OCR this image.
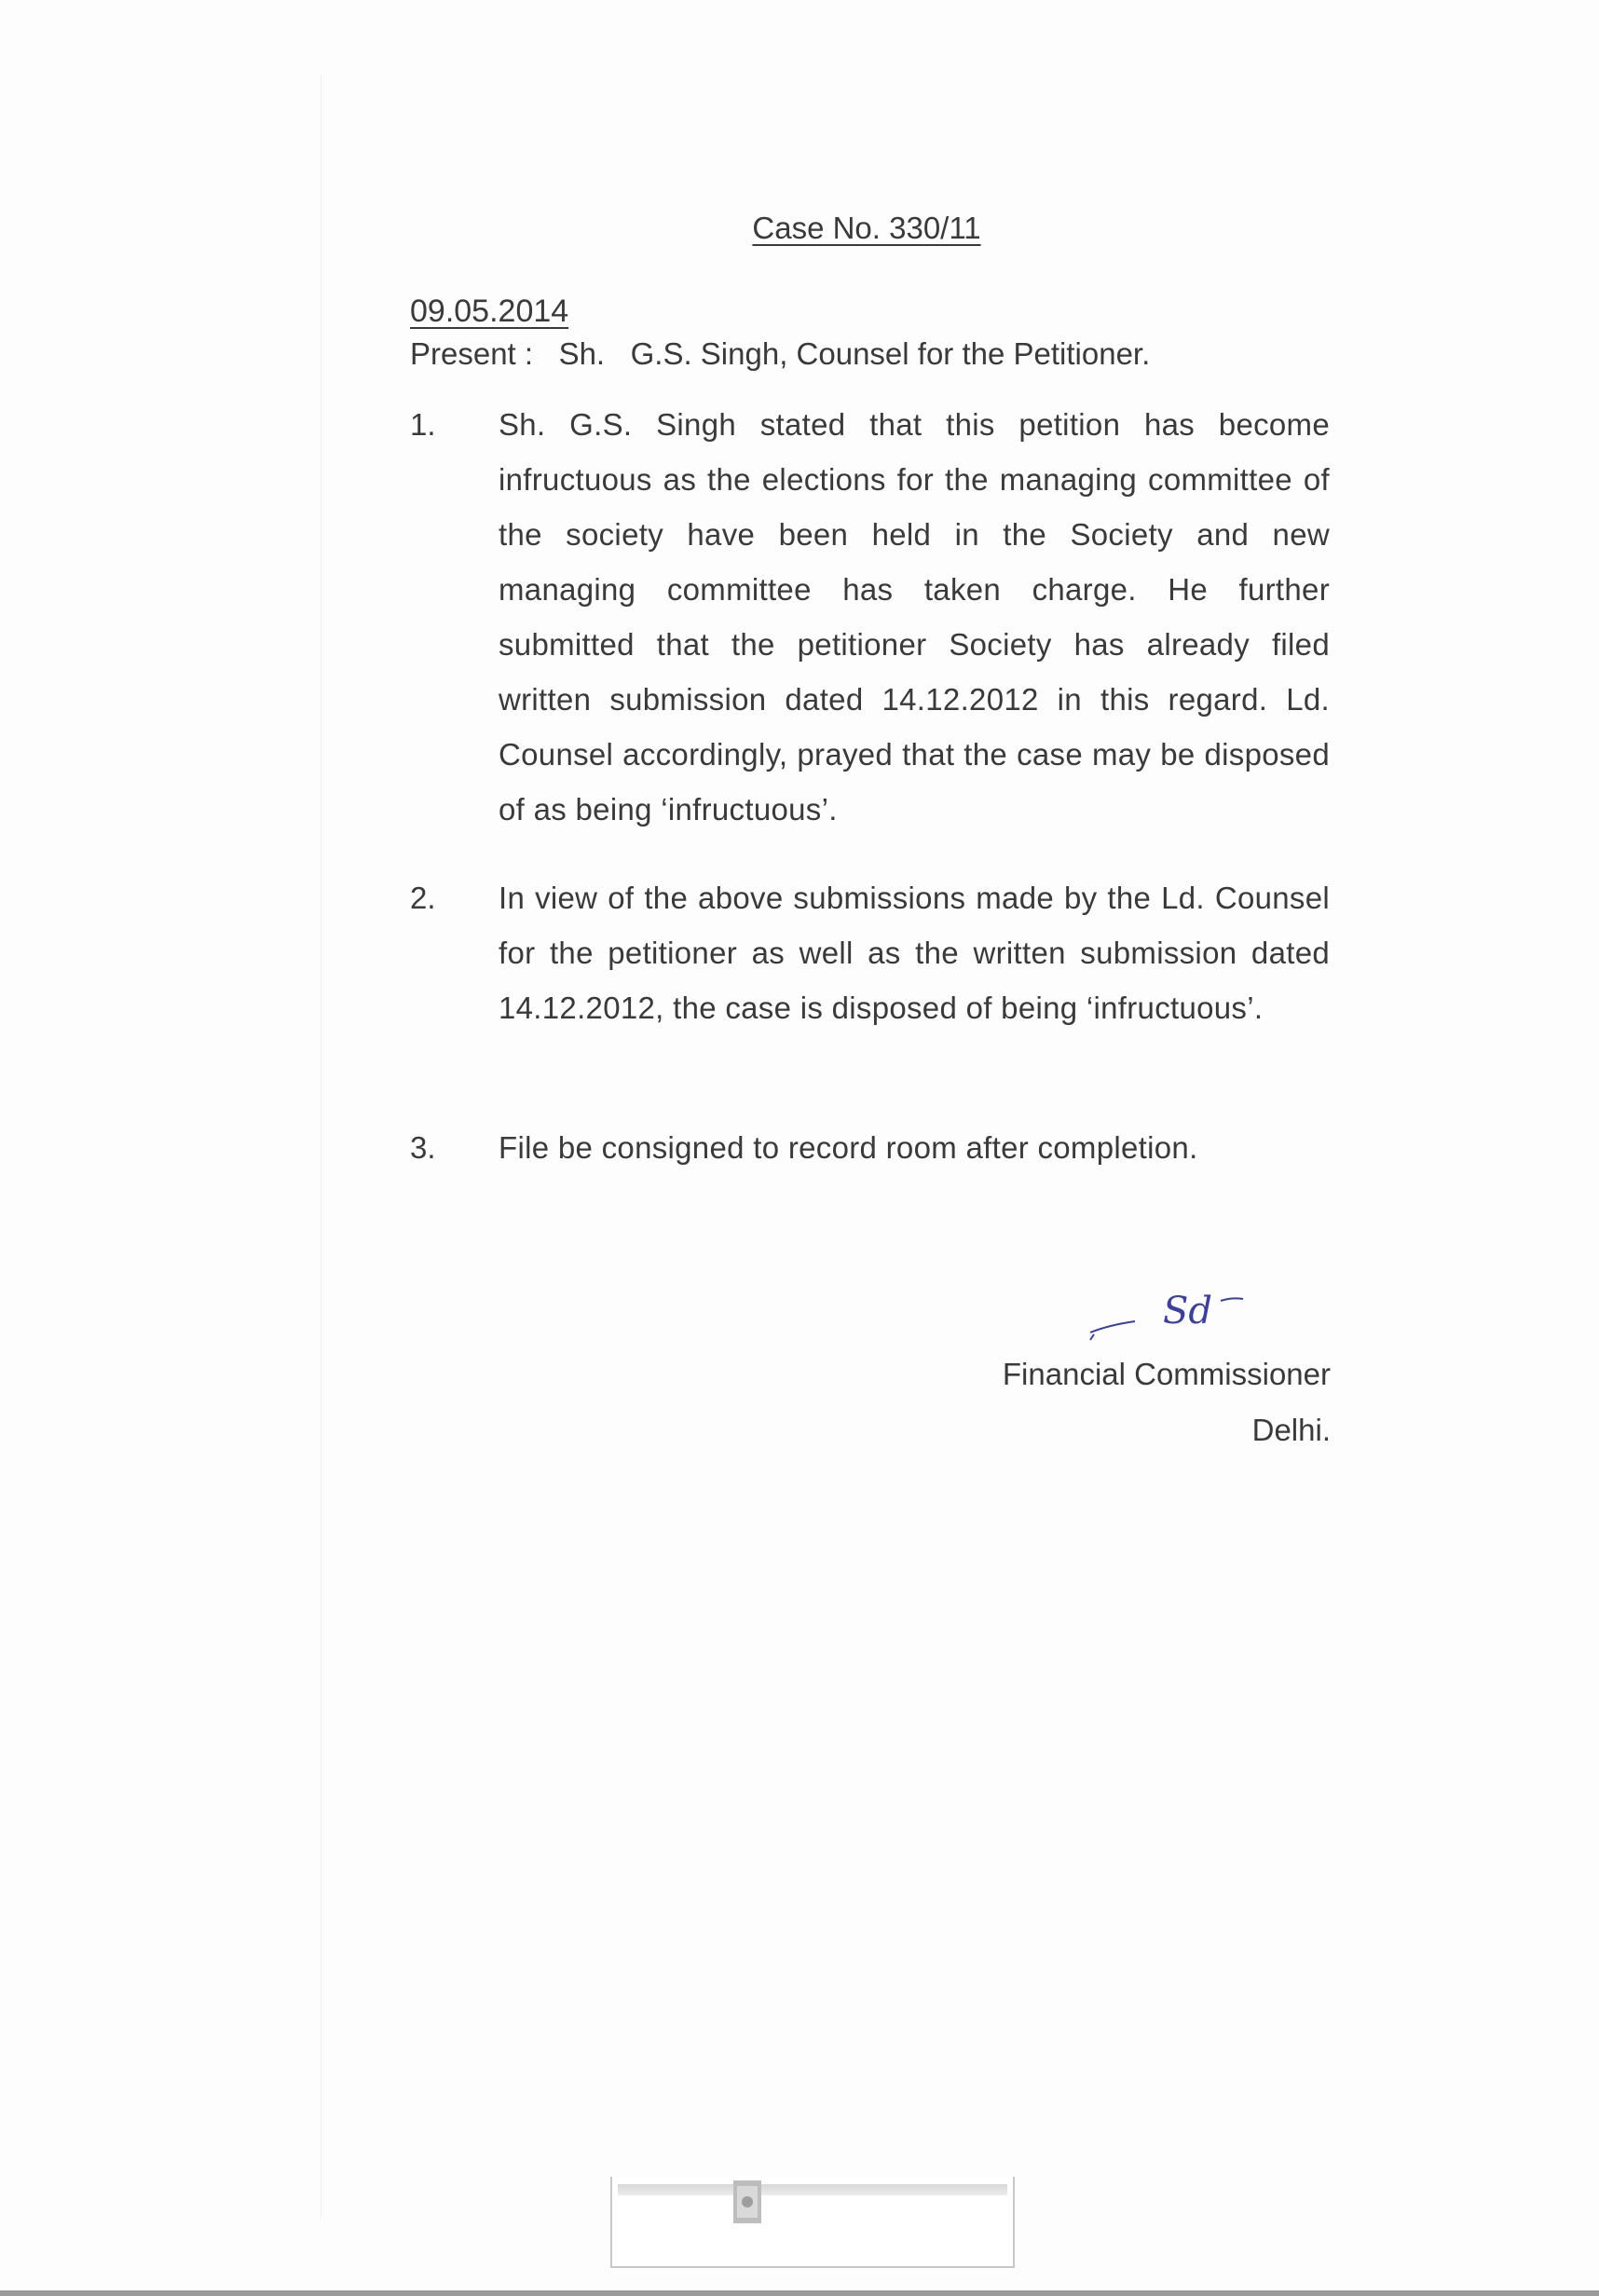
Case No. 330/11
09.05.2014
Present :   Sh.   G.S. Singh, Counsel for the Petitioner.
1. Sh. G.S. Singh stated that this petition has become infructuous as the elections for the managing committee of the society have been held in the Society and new managing committee has taken charge. He further submitted that the petitioner Society has already filed written submission dated 14.12.2012 in this regard. Ld. Counsel accordingly, prayed that the case may be disposed of as being ‘infructuous’.
2. In view of the above submissions made by the Ld. Counsel for the petitioner as well as the written submission dated 14.12.2012, the case is disposed of being ‘infructuous’.
3. File be consigned to record room after completion.
Sd
Financial Commissioner
Delhi.
